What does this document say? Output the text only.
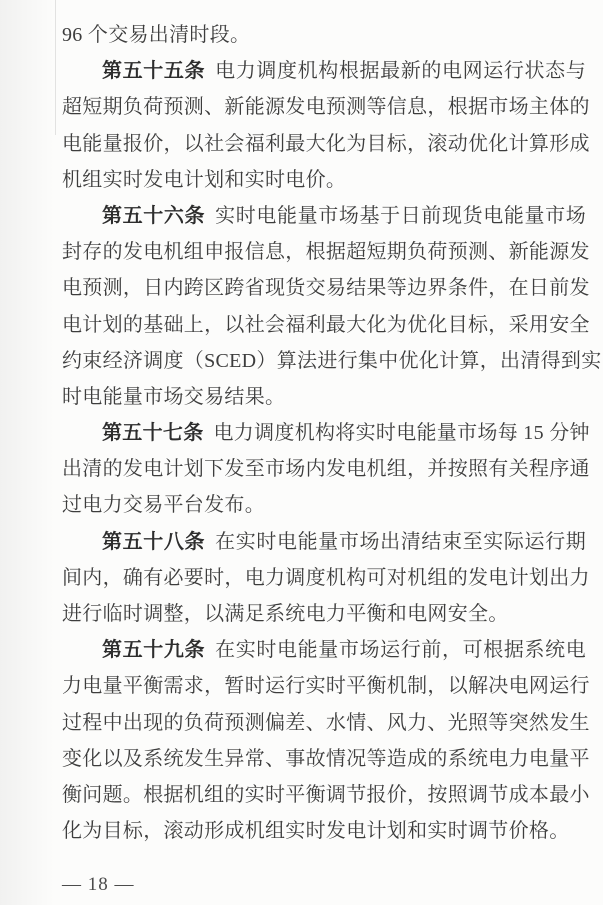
96 个交易出清时段。
第五十五条 电力调度机构根据最新的电网运行状态与
超短期负荷预测、新能源发电预测等信息，根据市场主体的
电能量报价，以社会福利最大化为目标，滚动优化计算形成
机组实时发电计划和实时电价。
第五十六条 实时电能量市场基于日前现货电能量市场
封存的发电机组申报信息，根据超短期负荷预测、新能源发
电预测，日内跨区跨省现货交易结果等边界条件，在日前发
电计划的基础上，以社会福利最大化为优化目标，采用安全
约束经济调度（SCED）算法进行集中优化计算，出清得到实
时电能量市场交易结果。
第五十七条 电力调度机构将实时电能量市场每 15 分钟
出清的发电计划下发至市场内发电机组，并按照有关程序通
过电力交易平台发布。
第五十八条 在实时电能量市场出清结束至实际运行期
间内，确有必要时，电力调度机构可对机组的发电计划出力
进行临时调整，以满足系统电力平衡和电网安全。
第五十九条 在实时电能量市场运行前，可根据系统电
力电量平衡需求，暂时运行实时平衡机制，以解决电网运行
过程中出现的负荷预测偏差、水情、风力、光照等突然发生
变化以及系统发生异常、事故情况等造成的系统电力电量平
衡问题。根据机组的实时平衡调节报价，按照调节成本最小
化为目标，滚动形成机组实时发电计划和实时调节价格。
— 18 —
